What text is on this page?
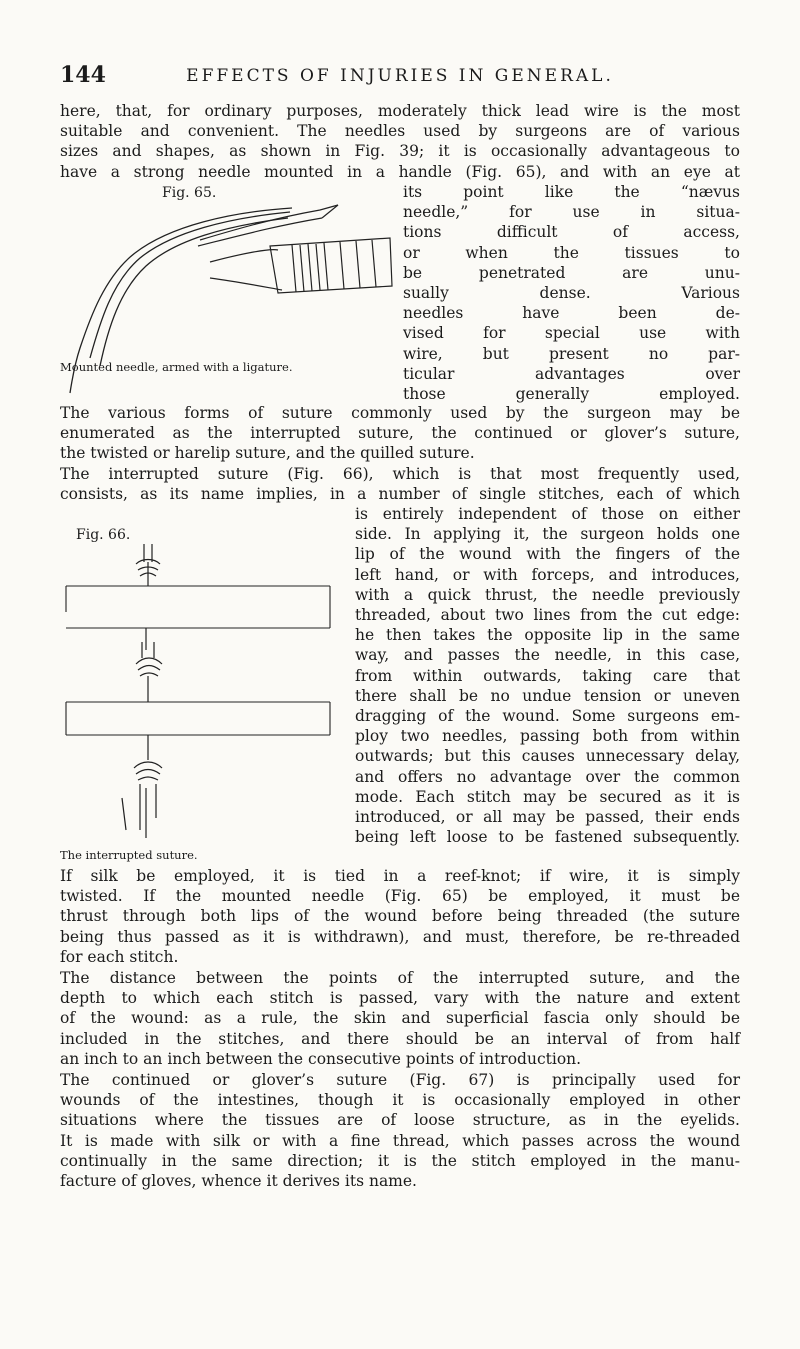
144	EFFECTS OF INJURIES IN GENERAL.
here, that, for ordinary purposes, moderately thick lead wire is the most
suitable and convenient. The needles used by surgeons are of various
sizes and shapes, as shown in Fig. 39; it is occasionally advantageous to
have a strong needle mounted in a handle (Fig. 65), and with an eye at
Fig. 65.
Mounted needle, armed with a ligature.
its point like the “nævus
needle,” for use in situa-
tions difficult of access,
or when the tissues to
be penetrated are unu-
sually dense. Various
needles have been de-
vised for special use with
wire, but present no par-
ticular advantages over
those generally employed.
The various forms of suture commonly used by the surgeon may be
enumerated as the interrupted suture, the continued or glover’s suture,
the twisted or harelip suture, and the quilled suture.
The interrupted suture (Fig. 66), which is that most frequently used,
consists, as its name implies, in a number of single stitches, each of which
Fig. 66.
The interrupted suture.
is entirely independent of those on either
side. In applying it, the surgeon holds one
lip of the wound with the fingers of the
left hand, or with forceps, and introduces,
with a quick thrust, the needle previously
threaded, about two lines from the cut edge:
he then takes the opposite lip in the same
way, and passes the needle, in this case,
from within outwards, taking care that
there shall be no undue tension or uneven
dragging of the wound. Some surgeons em-
ploy two needles, passing both from within
outwards; but this causes unnecessary delay,
and offers no advantage over the common
mode. Each stitch may be secured as it is
introduced, or all may be passed, their ends
being left loose to be fastened subsequently.
If silk be employed, it is tied in a reef-knot; if wire, it is simply
twisted. If the mounted needle (Fig. 65) be employed, it must be
thrust through both lips of the wound before being threaded (the suture
being thus passed as it is withdrawn), and must, therefore, be re-threaded
for each stitch.
The distance between the points of the interrupted suture, and the
depth to which each stitch is passed, vary with the nature and extent
of the wound: as a rule, the skin and superficial fascia only should be
included in the stitches, and there should be an interval of from half
an inch to an inch between the consecutive points of introduction.
The continued or glover’s suture (Fig. 67) is principally used for
wounds of the intestines, though it is occasionally employed in other
situations where the tissues are of loose structure, as in the eyelids.
It is made with silk or with a fine thread, which passes across the wound
continually in the same direction; it is the stitch employed in the manu-
facture of gloves, whence it derives its name.
